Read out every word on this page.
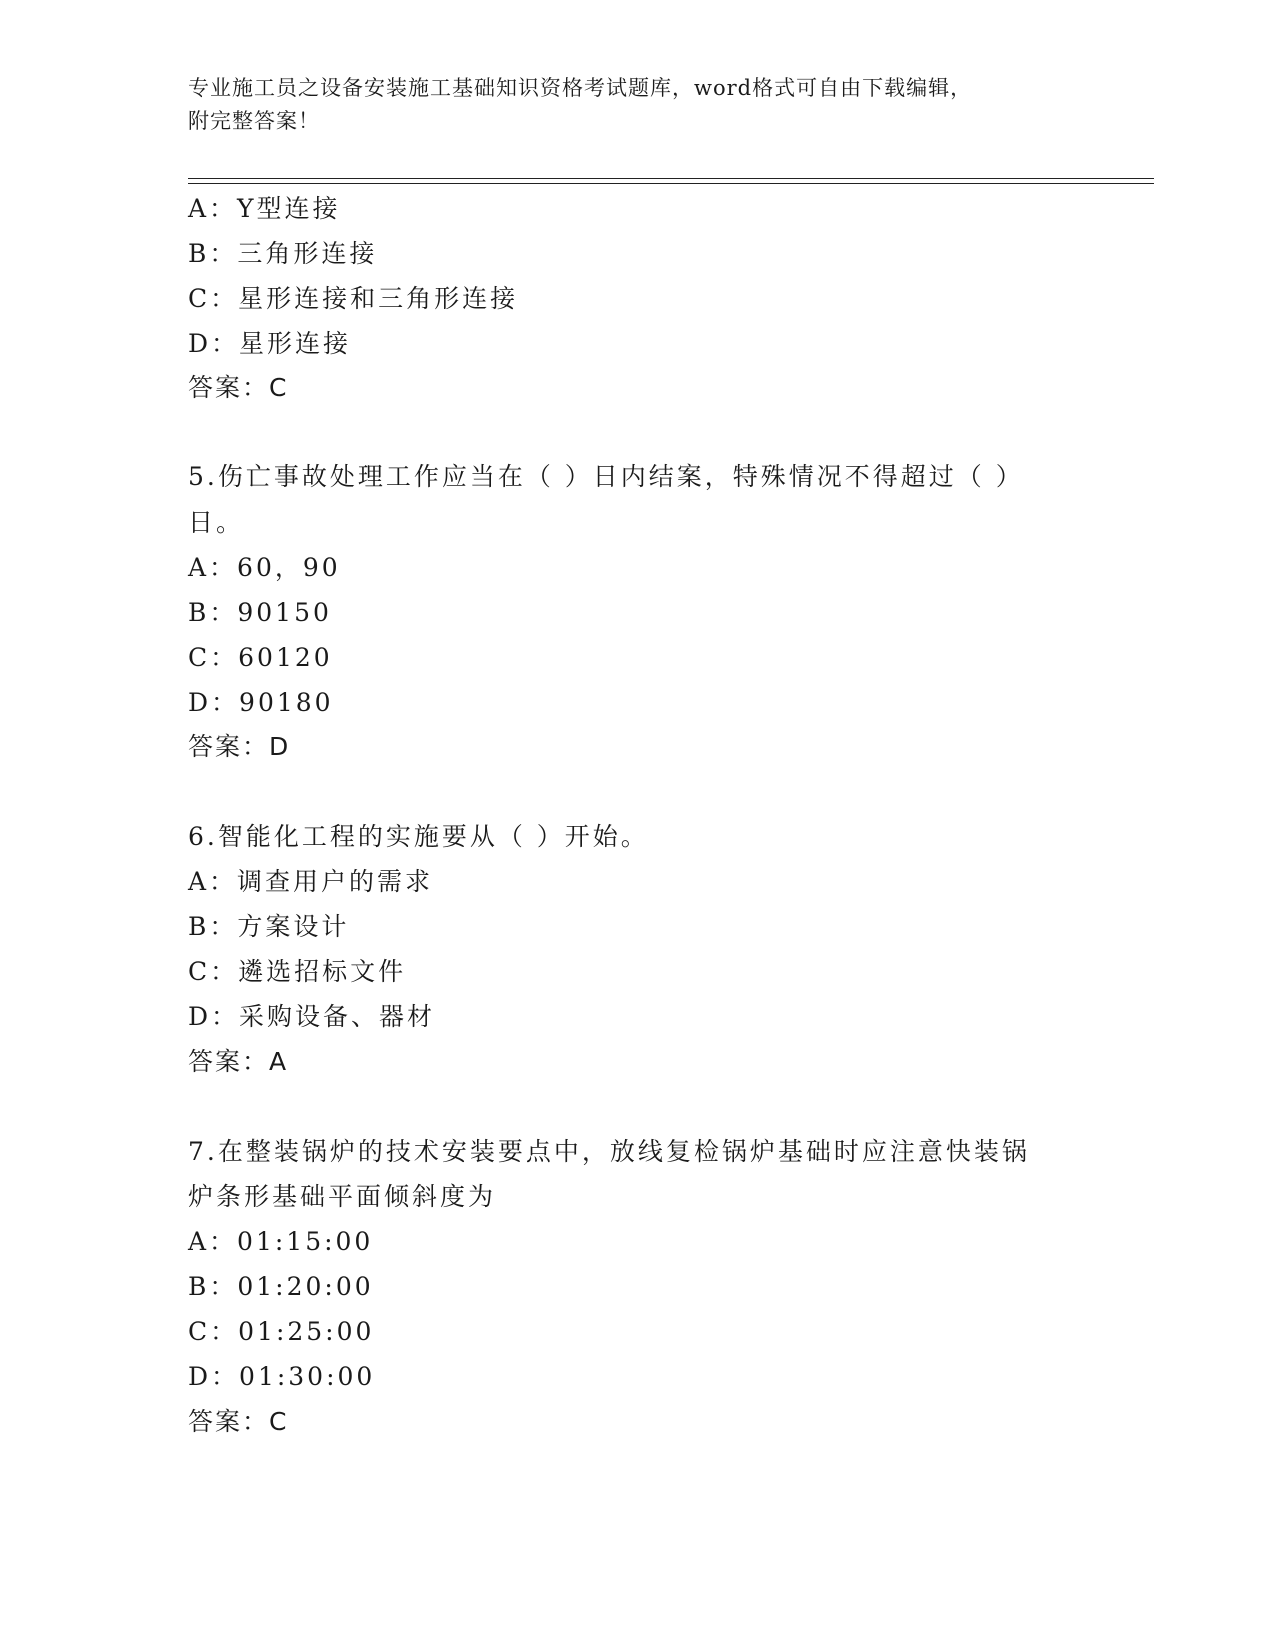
专业施工员之设备安装施工基础知识资格考试题库，word格式可自由下载编辑，
附完整答案！
A：Y型连接
B：三角形连接
C：星形连接和三角形连接
D：星形连接
答案：C
5.伤亡事故处理工作应当在（ ）日内结案，特殊情况不得超过（ ）
日。
A：60，90
B：90150
C：60120
D：90180
答案：D
6.智能化工程的实施要从（ ）开始。
A：调查用户的需求
B：方案设计
C：遴选招标文件
D：采购设备、器材
答案：A
7.在整装锅炉的技术安装要点中，放线复检锅炉基础时应注意快装锅
炉条形基础平面倾斜度为
A：01:15:00
B：01:20:00
C：01:25:00
D：01:30:00
答案：C
